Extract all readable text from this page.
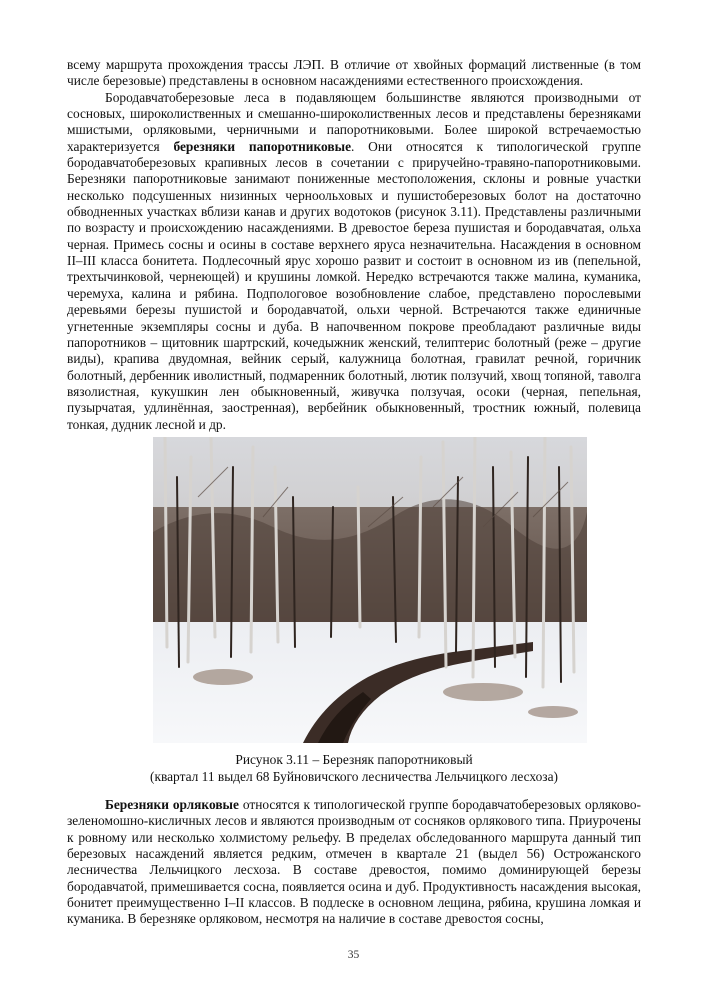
всему маршрута прохождения трассы ЛЭП. В отличие от хвойных формаций лиственные (в том числе березовые) представлены в основном насаждениями естественного происхождения.

Бородавчатоберезовые леса в подавляющем большинстве являются производными от сосновых, широколиственных и смешанно-широколиственных лесов и представлены березняками мшистыми, орляковыми, черничными и папоротниковыми. Более широкой встречаемостью характеризуется березняки папоротниковые. Они относятся к типологической группе бородавчатоберезовых крапивных лесов в сочетании с приручейно-травяно-папоротниковыми. Березняки папоротниковые занимают пониженные местоположения, склоны и ровные участки несколько подсушенных низинных черноольховых и пушистоберезовых болот на достаточно обводненных участках вблизи канав и других водотоков (рисунок 3.11). Представлены различными по возрасту и происхождению насаждениями. В древостое береза пушистая и бородавчатая, ольха черная. Примесь сосны и осины в составе верхнего яруса незначительна. Насаждения в основном II–III класса бонитета. Подлесочный ярус хорошо развит и состоит в основном из ив (пепельной, трехтычинковой, чернеющей) и крушины ломкой. Нередко встречаются также малина, куманика, черемуха, калина и рябина. Подпологовое возобновление слабое, представлено порослевыми деревьями березы пушистой и бородавчатой, ольхи черной. Встречаются также единичные угнетенные экземпляры сосны и дуба. В напочвенном покрове преобладают различные виды папоротников – щитовник шартрский, кочедыжник женский, телиптерис болотный (реже – другие виды), крапива двудомная, вейник серый, калужница болотная, гравилат речной, горичник болотный, дербенник иволистный, подмаренник болотный, лютик ползучий, хвощ топяной, таволга вязолистная, кукушкин лен обыкновенный, живучка ползучая, осоки (черная, пепельная, пузырчатая, удлинённая, заостренная), вербейник обыкновенный, тростник южный, полевица тонкая, дудник лесной и др.

Рисунок 3.11 – Березняк папоротниковый
(квартал 11 выдел 68 Буйновичского лесничества Лельчицкого лесхоза)

Березняки орляковые относятся к типологической группе бородавчатоберезовых орляково-зеленомошно-кисличных лесов и являются производным от сосняков орлякового типа. Приурочены к ровному или несколько холмистому рельефу. В пределах обследованного маршрута данный тип березовых насаждений является редким, отмечен в квартале 21 (выдел 56) Острожанского лесничества Лельчицкого лесхоза. В составе древостоя, помимо доминирующей березы бородавчатой, примешивается сосна, появляется осина и дуб. Продуктивность насаждения высокая, бонитет преимущественно I–II классов. В подлеске в основном лещина, рябина, крушина ломкая и куманика. В березняке орляковом, несмотря на наличие в составе древостоя сосны,

35
